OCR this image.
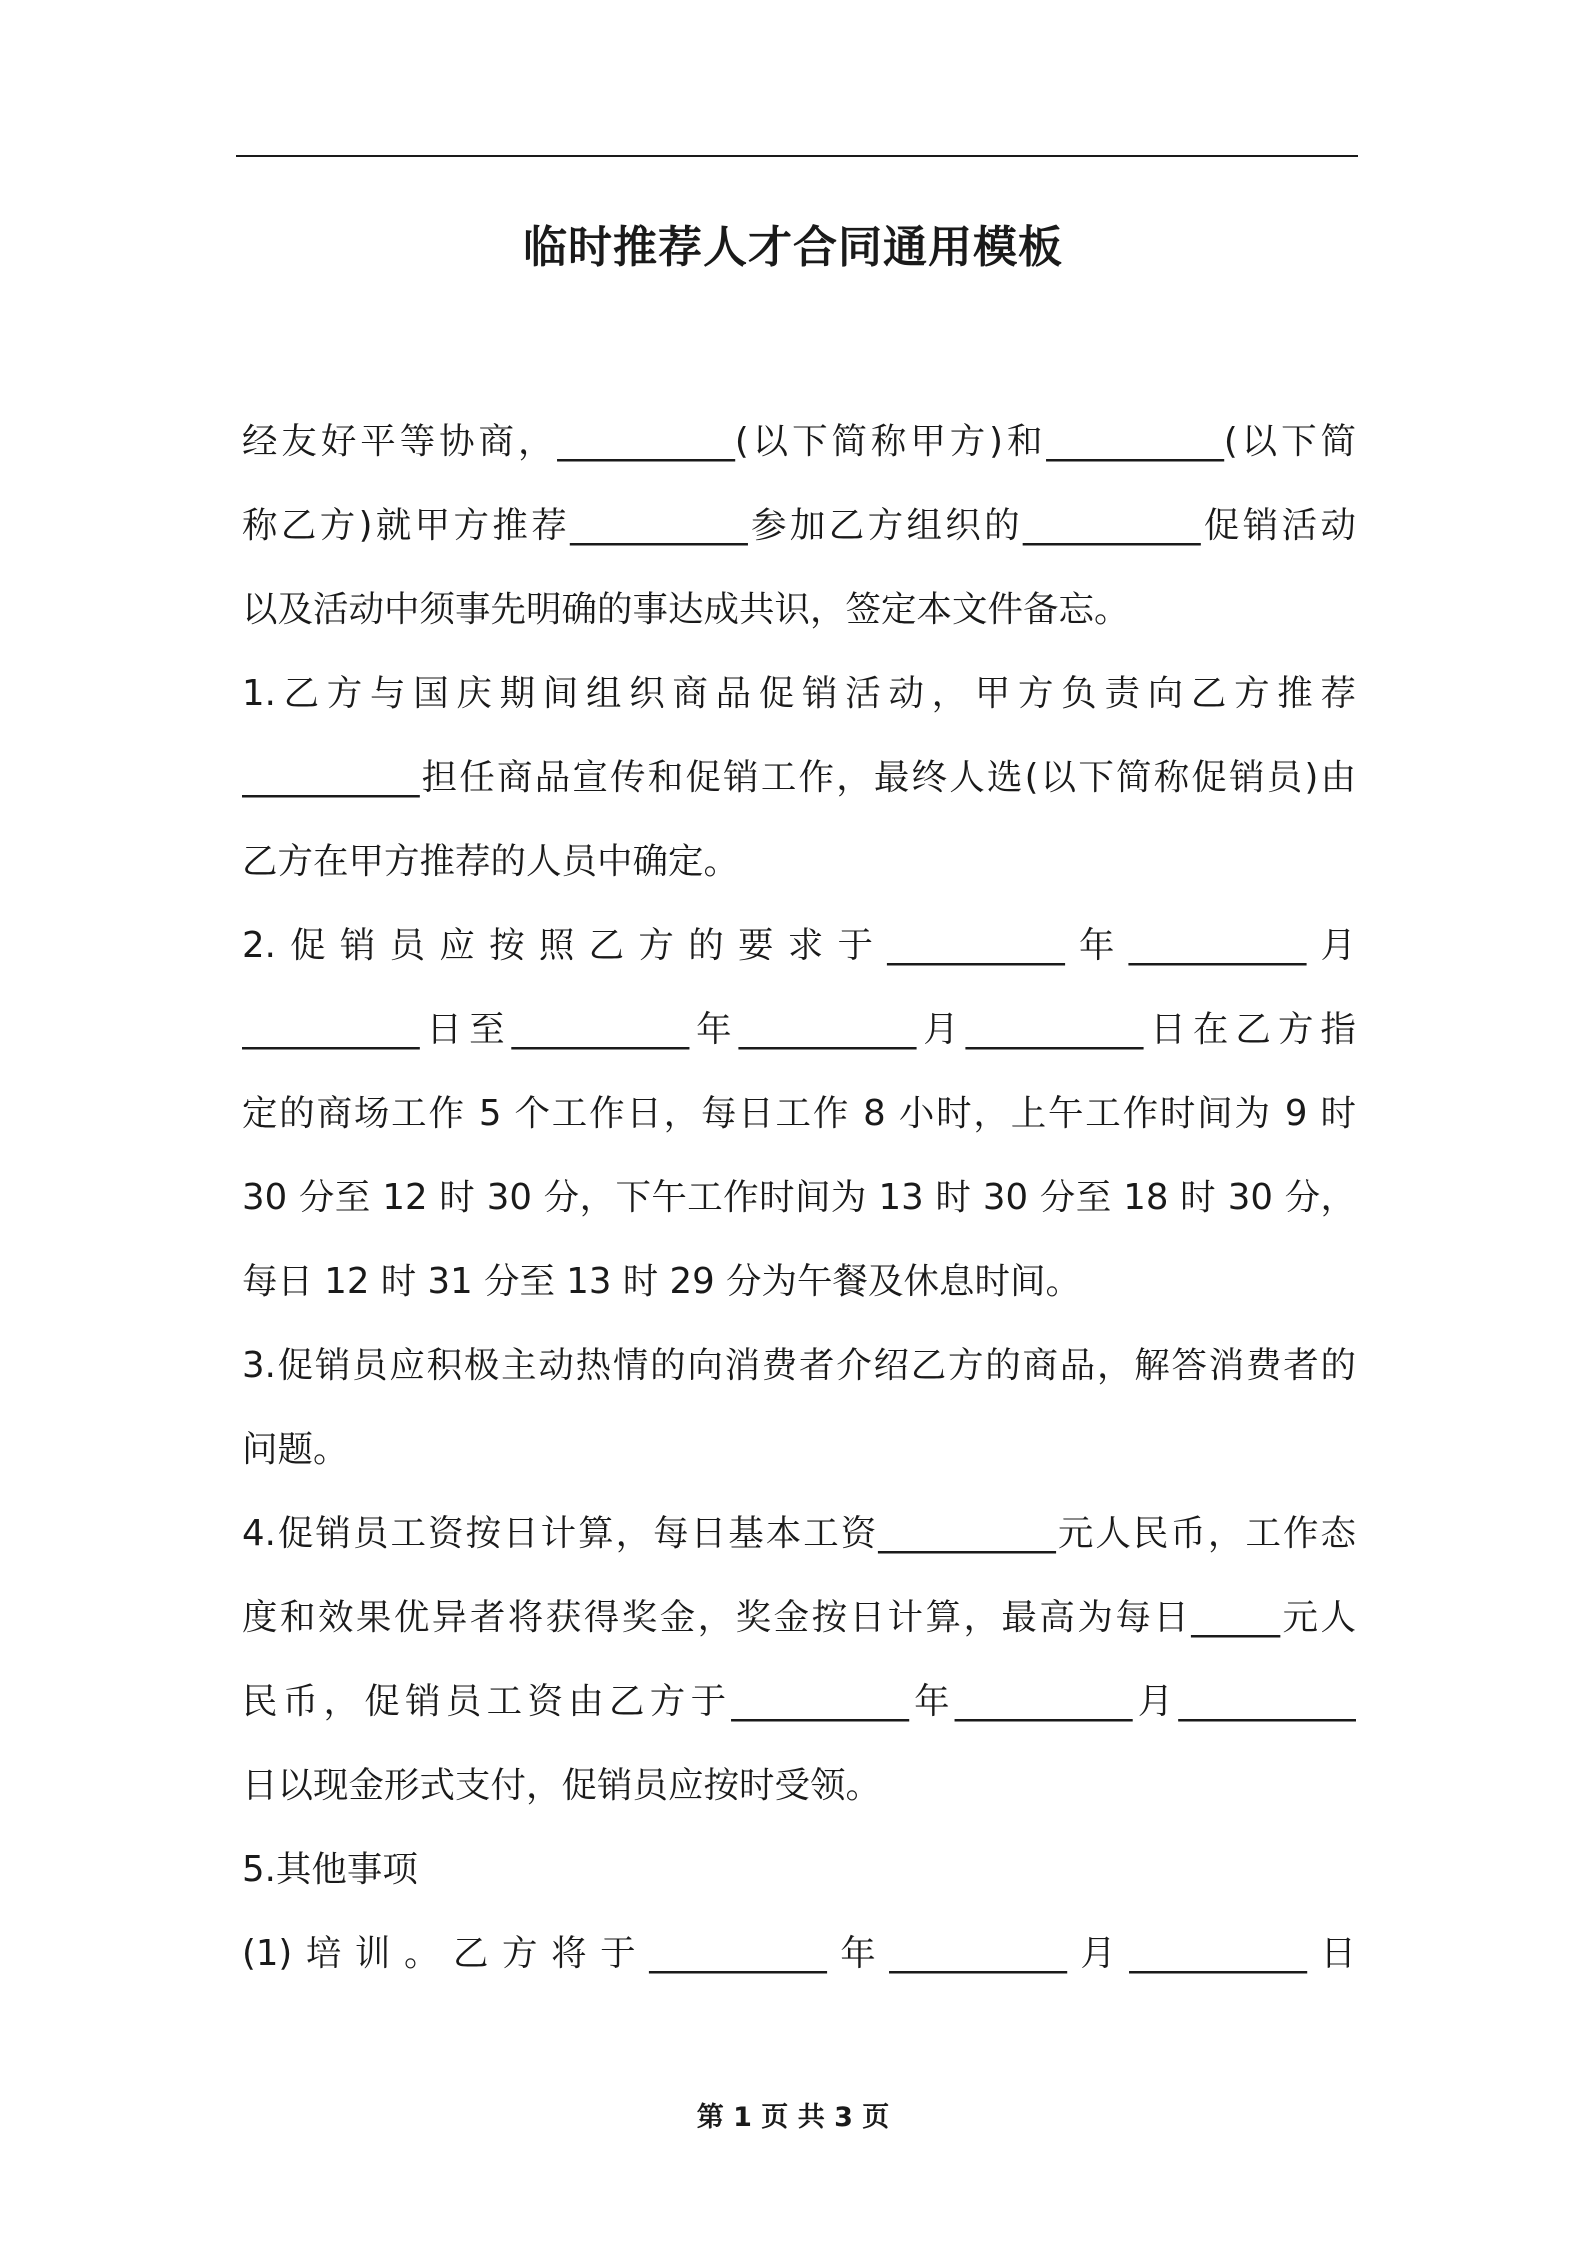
临时推荐人才合同通用模板
经友好平等协商，__________(以下简称甲方)和__________(以下简
称乙方)就甲方推荐__________参加乙方组织的__________促销活动
以及活动中须事先明确的事达成共识，签定本文件备忘。
1.乙方与国庆期间组织商品促销活动，甲方负责向乙方推荐
__________担任商品宣传和促销工作，最终人选(以下简称促销员)由
乙方在甲方推荐的人员中确定。
2.促销员应按照乙方的要求于__________年__________月
__________日至__________年__________月__________日在乙方指
定的商场工作 5 个工作日，每日工作 8 小时，上午工作时间为 9 时
30 分至 12 时 30 分，下午工作时间为 13 时 30 分至 18 时 30 分，
每日 12 时 31 分至 13 时 29 分为午餐及休息时间。
3.促销员应积极主动热情的向消费者介绍乙方的商品，解答消费者的
问题。
4.促销员工资按日计算，每日基本工资__________元人民币，工作态
度和效果优异者将获得奖金，奖金按日计算，最高为每日_____元人
民币，促销员工资由乙方于__________年__________月__________
日以现金形式支付，促销员应按时受领。
5.其他事项
(1)培训。乙方将于__________年__________月__________日
第 1 页 共 3 页
